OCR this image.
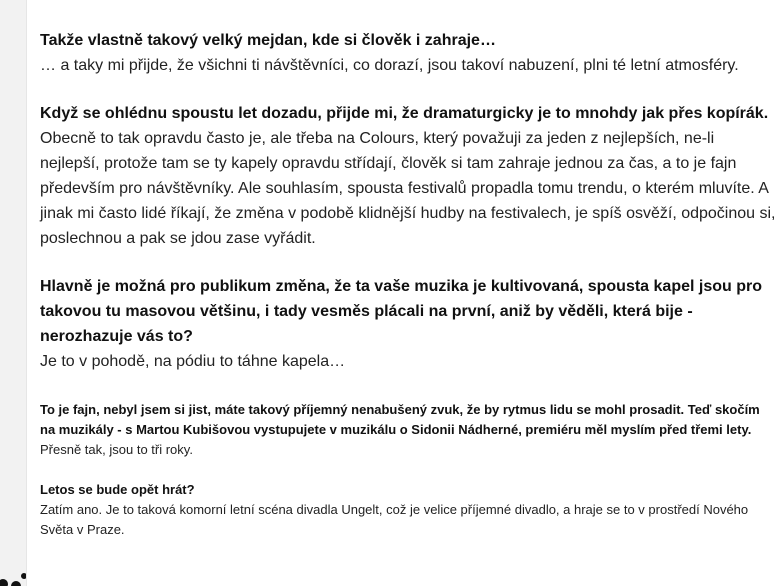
Takže vlastně takový velký mejdan, kde si člověk i zahraje…
… a taky mi přijde, že všichni ti návštěvníci, co dorazí, jsou takoví nabuzení, plni té letní atmosféry.
Když se ohlédnu spoustu let dozadu, přijde mi, že dramaturgicky je to mnohdy jak přes kopírák.
Obecně to tak opravdu často je, ale třeba na Colours, který považuji za jeden z nejlepších, ne-li nejlepší, protože tam se ty kapely opravdu střídají, člověk si tam zahraje jednou za čas, a to je fajn především pro návštěvníky. Ale souhlasím, spousta festivalů propadla tomu trendu, o kterém mluvíte. A jinak mi často lidé říkají, že změna v podobě klidnější hudby na festivalech, je spíš osvěží, odpočinou si, poslechnou a pak se jdou zase vyřádit.
Hlavně je možná pro publikum změna, že ta vaše muzika je kultivovaná, spousta kapel jsou pro takovou tu masovou většinu, i tady vesměs plácali na první, aniž by věděli, která bije - nerozhazuje vás to?
Je to v pohodě, na pódiu to táhne kapela…
To je fajn, nebyl jsem si jist, máte takový příjemný nenabušený zvuk, že by rytmus lidu se mohl prosadit. Teď skočím na muzikály - s Martou Kubišovou vystupujete v muzikálu o Sidonii Nádherné, premiéru měl myslím před třemi lety.
Přesně tak, jsou to tři roky.
Letos se bude opět hrát?
Zatím ano. Je to taková komorní letní scéna divadla Ungelt, což je velice příjemné divadlo, a hraje se to v prostředí Nového Světa v Praze.
